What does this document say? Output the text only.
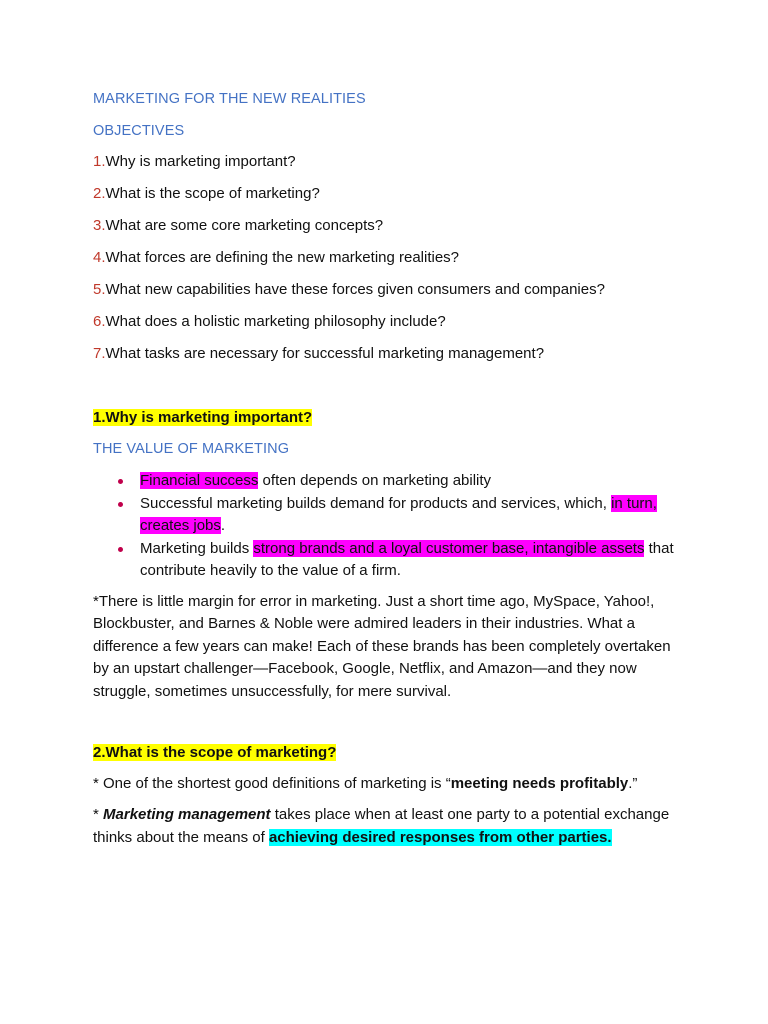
MARKETING FOR THE NEW REALITIES
OBJECTIVES
1.Why is marketing important?
2.What is the scope of marketing?
3.What are some core marketing concepts?
4.What forces are defining the new marketing realities?
5.What new capabilities have these forces given consumers and companies?
6.What does a holistic marketing philosophy include?
7.What tasks are necessary for successful marketing management?
1.Why is marketing important?
THE VALUE OF MARKETING
Financial success often depends on marketing ability
Successful marketing builds demand for products and services, which, in turn, creates jobs.
Marketing builds strong brands and a loyal customer base, intangible assets that contribute heavily to the value of a firm.

*There is little margin for error in marketing. Just a short time ago, MySpace, Yahoo!, Blockbuster, and Barnes & Noble were admired leaders in their industries. What a difference a few years can make! Each of these brands has been completely overtaken by an upstart challenger—Facebook, Google, Netflix, and Amazon—and they now struggle, sometimes unsuccessfully, for mere survival.

2.What is the scope of marketing?

* One of the shortest good definitions of marketing is “meeting needs profitably.”

* Marketing management takes place when at least one party to a potential exchange thinks about the means of achieving desired responses from other parties.
